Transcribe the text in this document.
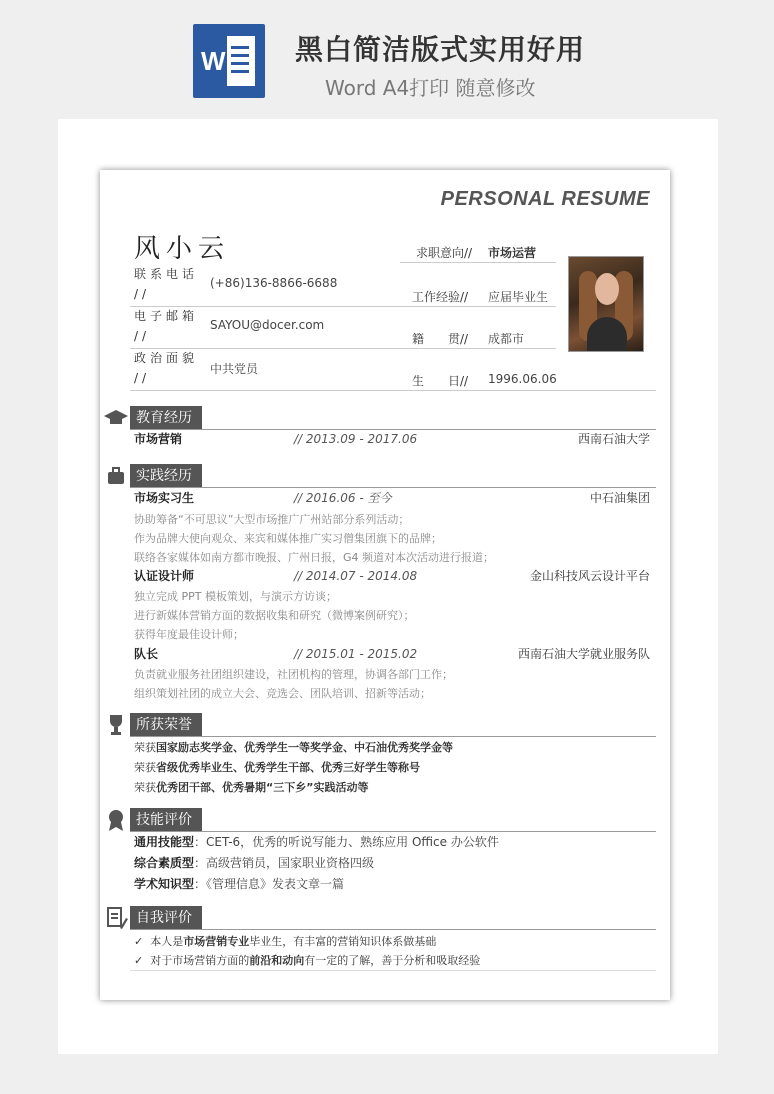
W 黑白简洁版式实用好用
Word A4打印 随意修改
PERSONAL RESUME
风小云	求职意向// 市场运营
联系电话
//
(+86)136-8866-6688
工作经验// 应届毕业生
电子邮箱
//
SAYOU@docer.com
籍　　贯// 成都市
政治面貌
//
中共党员
生　　日// 1996.06.06
教育经历
市场营销	// 2013.09 - 2017.06	西南石油大学
实践经历
市场实习生	// 2016.06 - 至今	中石油集团
协助筹备“不可思议”大型市场推广广州站部分系列活动；
作为品牌大使向观众、来宾和媒体推广实习僧集团旗下的品牌；
联络各家媒体如南方都市晚报、广州日报，G4 频道对本次活动进行报道；
认证设计师	// 2014.07 - 2014.08	金山科技风云设计平台
独立完成 PPT 模板策划，与演示方访谈；
进行新媒体营销方面的数据收集和研究（微博案例研究）；
获得年度最佳设计师；
队长	// 2015.01 - 2015.02	西南石油大学就业服务队
负责就业服务社团组织建设，社团机构的管理，协调各部门工作；
组织策划社团的成立大会、竞选会、团队培训、招新等活动；
所获荣誉
荣获国家励志奖学金、优秀学生一等奖学金、中石油优秀奖学金等
荣获省级优秀毕业生、优秀学生干部、优秀三好学生等称号
荣获优秀团干部、优秀暑期“三下乡”实践活动等
技能评价
通用技能型：CET-6，优秀的听说写能力、熟练应用 Office 办公软件
综合素质型：高级营销员，国家职业资格四级
学术知识型：《管理信息》发表文章一篇
自我评价
✓ 本人是市场营销专业毕业生，有丰富的营销知识体系做基础
✓ 对于市场营销方面的前沿和动向有一定的了解，善于分析和吸取经验
